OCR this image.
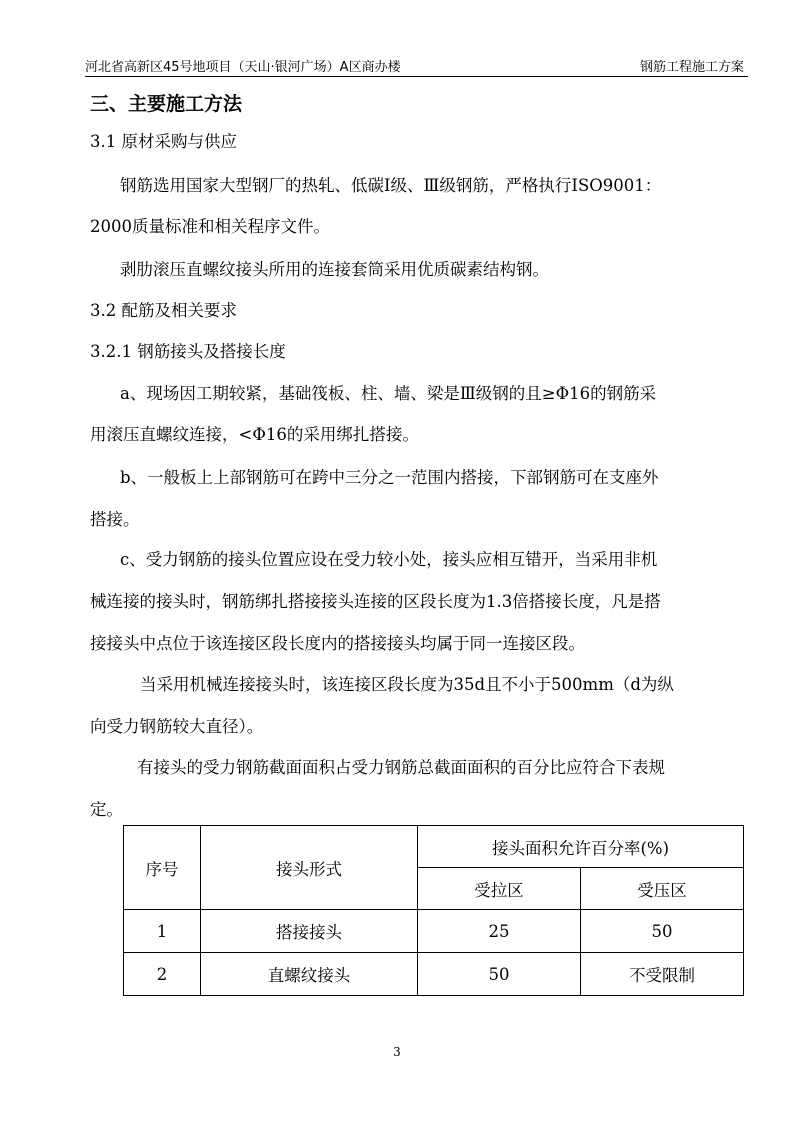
河北省高新区45号地项目（天山·银河广场）A区商办楼	钢筋工程施工方案
三、主要施工方法
3.1 原材采购与供应
钢筋选用国家大型钢厂的热轧、低碳Ⅰ级、Ⅲ级钢筋，严格执行ISO9001：
2000质量标准和相关程序文件。
剥肋滚压直螺纹接头所用的连接套筒采用优质碳素结构钢。
3.2 配筋及相关要求
3.2.1 钢筋接头及搭接长度
a、现场因工期较紧，基础筏板、柱、墙、梁是Ⅲ级钢的且≥Φ16的钢筋采
用滚压直螺纹连接，<Φ16的采用绑扎搭接。
b、一般板上上部钢筋可在跨中三分之一范围内搭接，下部钢筋可在支座外
搭接。
c、受力钢筋的接头位置应设在受力较小处，接头应相互错开，当采用非机
械连接的接头时，钢筋绑扎搭接接头连接的区段长度为1.3倍搭接长度，凡是搭
接接头中点位于该连接区段长度内的搭接接头均属于同一连接区段。
当采用机械连接接头时，该连接区段长度为35d且不小于500mm（d为纵
向受力钢筋较大直径）。
有接头的受力钢筋截面面积占受力钢筋总截面面积的百分比应符合下表规
定。
序号	接头形式	接头面积允许百分率(%)	
		受拉区	受压区
1	搭接接头	25	50
2	直螺纹接头	50	不受限制
3
